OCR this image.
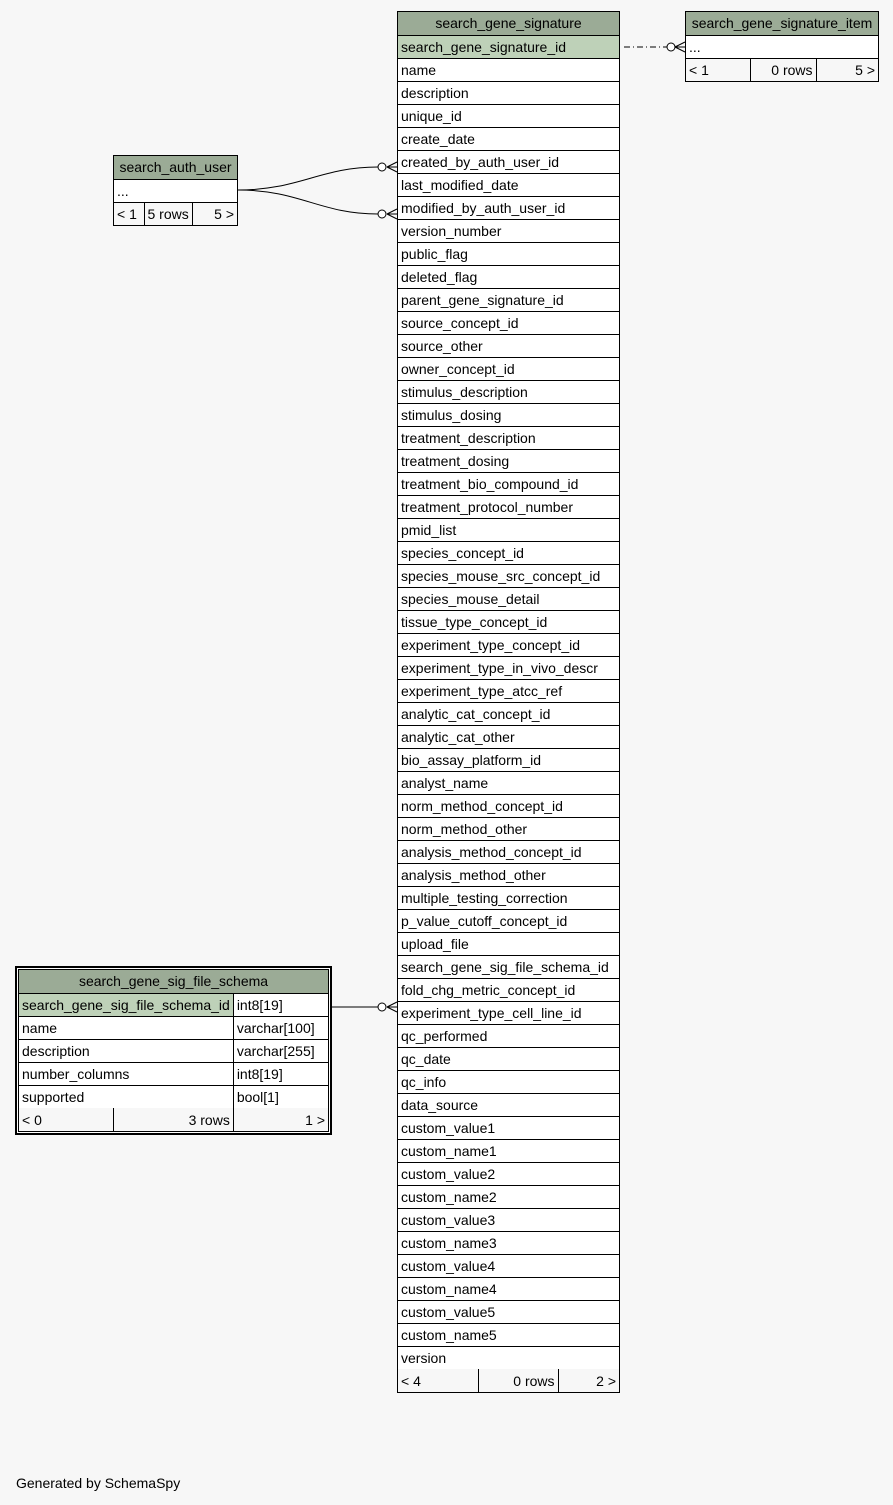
search_gene_signature
search_gene_signature_id
name
description
unique_id
create_date
created_by_auth_user_id
last_modified_date
modified_by_auth_user_id
version_number
public_flag
deleted_flag
parent_gene_signature_id
source_concept_id
source_other
owner_concept_id
stimulus_description
stimulus_dosing
treatment_description
treatment_dosing
treatment_bio_compound_id
treatment_protocol_number
pmid_list
species_concept_id
species_mouse_src_concept_id
species_mouse_detail
tissue_type_concept_id
experiment_type_concept_id
experiment_type_in_vivo_descr
experiment_type_atcc_ref
analytic_cat_concept_id
analytic_cat_other
bio_assay_platform_id
analyst_name
norm_method_concept_id
norm_method_other
analysis_method_concept_id
analysis_method_other
multiple_testing_correction
p_value_cutoff_concept_id
upload_file
search_gene_sig_file_schema_id
fold_chg_metric_concept_id
experiment_type_cell_line_id
qc_performed
qc_date
qc_info
data_source
custom_value1
custom_name1
custom_value2
custom_name2
custom_value3
custom_name3
custom_value4
custom_name4
custom_value5
custom_name5
version
< 4	0 rows	2 >
search_gene_signature_item
...
< 1	0 rows	5 >
search_auth_user
...
< 1	5 rows	5 >
search_gene_sig_file_schema		
search_gene_sig_file_schema_id		int8[19]
name		varchar[100]
description		varchar[255]
number_columns		int8[19]
supported		bool[1]
< 0	3 rows	1 >
Generated by SchemaSpy
